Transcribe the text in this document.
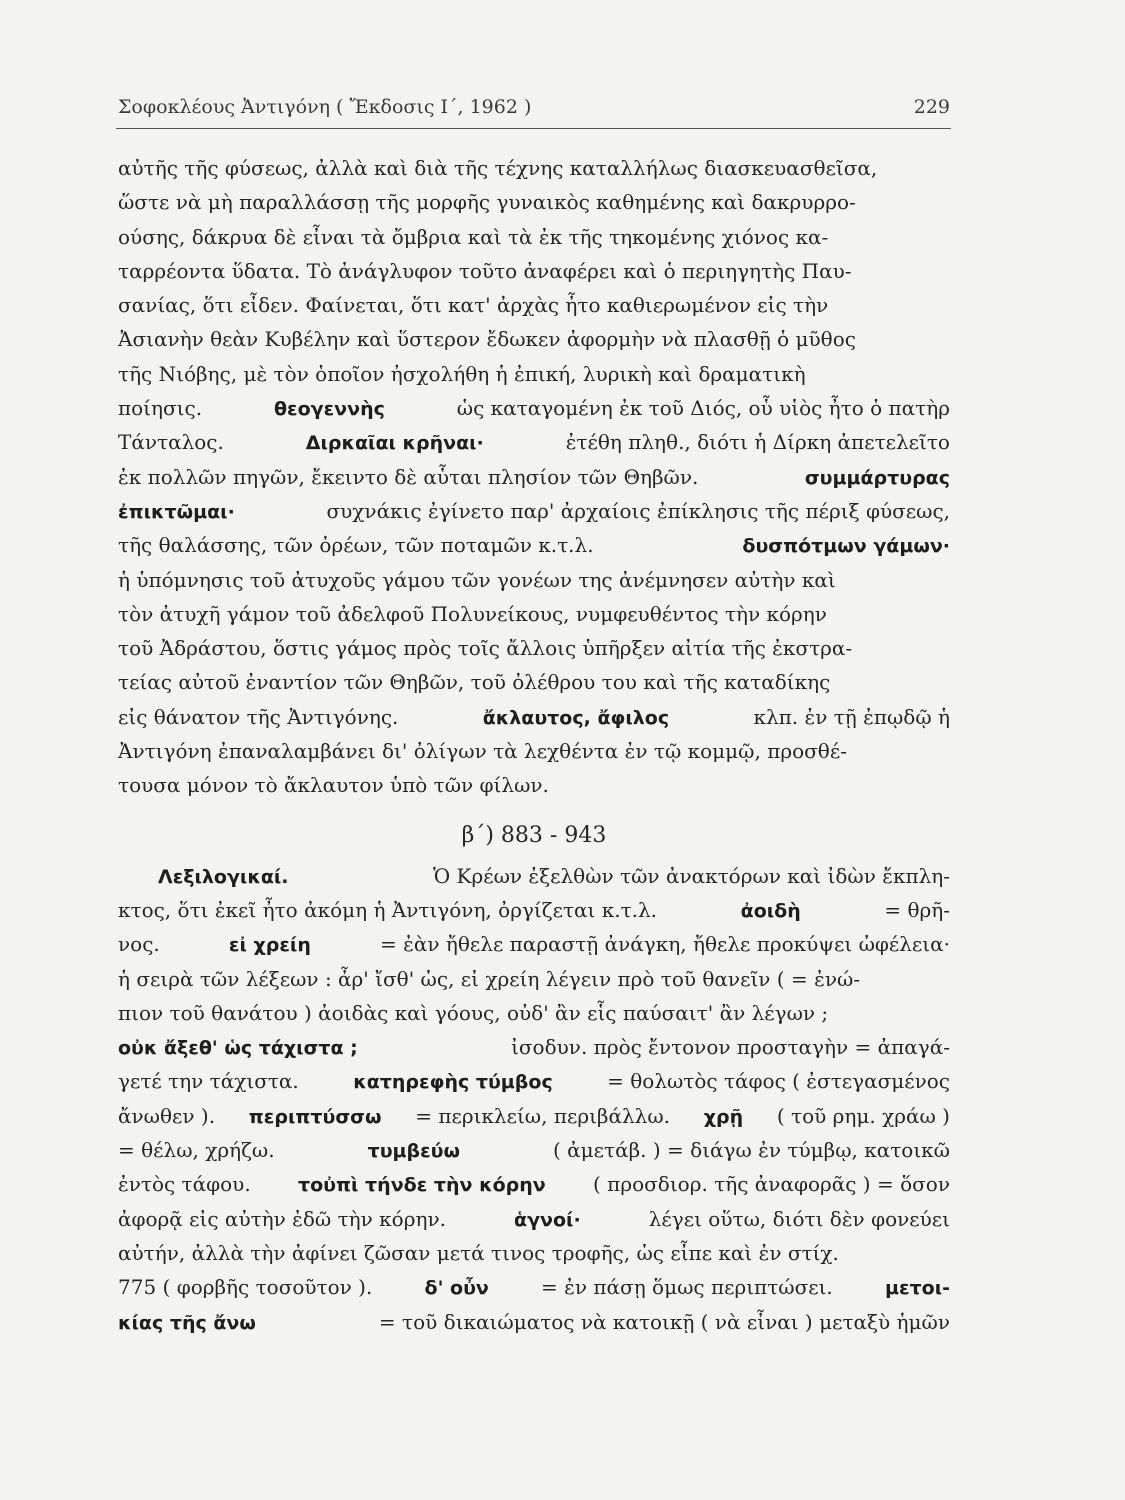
Σοφοκλέους Ἀντιγόνη ( Ἔκδοσις Ι΄, 1962 )	229
αὐτῆς τῆς φύσεως, ἀλλὰ καὶ διὰ τῆς τέχνης καταλλήλως διασκευασθεῖσα,
ὥστε νὰ μὴ παραλλάσσῃ τῆς μορφῆς γυναικὸς καθημένης καὶ δακρυρρο-
ούσης, δάκρυα δὲ εἶναι τὰ ὄμβρια καὶ τὰ ἐκ τῆς τηκομένης χιόνος κα-
ταρρέοντα ὕδατα. Τὸ ἀνάγλυφον τοῦτο ἀναφέρει καὶ ὁ περιηγητὴς Παυ-
σανίας, ὅτι εἶδεν. Φαίνεται, ὅτι κατ' ἀρχὰς ἦτο καθιερωμένον εἰς τὴν
Ἀσιανὴν θεὰν Κυβέλην καὶ ὕστερον ἔδωκεν ἀφορμὴν νὰ πλασθῇ ὁ μῦθος
τῆς Νιόβης, μὲ τὸν ὁποῖον ἠσχολήθη ἡ ἐπική, λυρικὴ καὶ δραματικὴ
ποίησις.	θεογεννὴς	ὡς καταγομένη ἐκ τοῦ Διός, οὗ υἱὸς ἦτο ὁ πατὴρ
Τάνταλος.	Διρκαῖαι κρῆναι·	ἐτέθη πληθ., διότι ἡ Δίρκη ἀπετελεῖτο
ἐκ πολλῶν πηγῶν, ἔκειντο δὲ αὗται πλησίον τῶν Θηβῶν.	συμμάρτυρας
ἐπικτῶμαι·	συχνάκις ἐγίνετο παρ' ἀρχαίοις ἐπίκλησις τῆς πέριξ φύσεως,
τῆς θαλάσσης, τῶν ὀρέων, τῶν ποταμῶν κ.τ.λ.	δυσπότμων γάμων·
ἡ ὑπόμνησις τοῦ ἀτυχοῦς γάμου τῶν γονέων της ἀνέμνησεν αὐτὴν καὶ
τὸν ἀτυχῆ γάμον τοῦ ἀδελφοῦ Πολυνείκους, νυμφευθέντος τὴν κόρην
τοῦ Ἀδράστου, ὅστις γάμος πρὸς τοῖς ἄλλοις ὑπῆρξεν αἰτία τῆς ἐκστρα-
τείας αὐτοῦ ἐναντίον τῶν Θηβῶν, τοῦ ὀλέθρου του καὶ τῆς καταδίκης
εἰς θάνατον τῆς Ἀντιγόνης.	ἄκλαυτος, ἄφιλος	κλπ. ἐν τῇ ἐπῳδῷ ἡ
Ἀντιγόνη ἐπαναλαμβάνει δι' ὀλίγων τὰ λεχθέντα ἐν τῷ κομμῷ, προσθέ-
τουσα μόνον τὸ ἄκλαυτον ὑπὸ τῶν φίλων.
β΄) 883 - 943
Λεξιλογικαί.	Ὁ Κρέων ἐξελθὼν τῶν ἀνακτόρων καὶ ἰδὼν ἔκπλη-
κτος, ὅτι ἐκεῖ ἦτο ἀκόμη ἡ Ἀντιγόνη, ὀργίζεται κ.τ.λ.	ἀοιδὴ	= θρῆ-
νος.	εἰ χρείη	= ἐὰν ἤθελε παραστῇ ἀνάγκη, ἤθελε προκύψει ὠφέλεια·
ἡ σειρὰ τῶν λέξεων : ἆρ' ἴσθ' ὡς, εἰ χρείη λέγειν πρὸ τοῦ θανεῖν ( = ἐνώ-
πιον τοῦ θανάτου ) ἀοιδὰς καὶ γόους, οὐδ' ἂν εἷς παύσαιτ' ἂν λέγων ;
οὐκ ἄξεθ' ὡς τάχιστα ;	ἰσοδυν. πρὸς ἔντονον προσταγὴν = ἀπαγά-
γετέ την τάχιστα.	κατηρεφὴς τύμβος	= θολωτὸς τάφος ( ἐστεγασμένος
ἄνωθεν ). περιπτύσσω = περικλείω, περιβάλλω. χρῇ ( τοῦ ρημ. χράω )
= θέλω, χρήζω.	τυμβεύω	( ἀμετάβ. ) = διάγω ἐν τύμβῳ, κατοικῶ
ἐντὸς τάφου. τοὐπὶ τήνδε τὴν κόρην ( προσδιορ. τῆς ἀναφορᾶς ) = ὅσον
ἀφορᾷ εἰς αὐτὴν ἐδῶ τὴν κόρην.	ἁγνοί·	λέγει οὕτω, διότι δὲν φονεύει
αὐτήν, ἀλλὰ τὴν ἀφίνει ζῶσαν μετά τινος τροφῆς, ὡς εἶπε καὶ ἐν στίχ.
775 ( φορβῆς τοσοῦτον ).	δ' οὖν	= ἐν πάσῃ ὅμως περιπτώσει.	μετοι-
κίας τῆς ἄνω	= τοῦ δικαιώματος νὰ κατοικῇ ( νὰ εἶναι ) μεταξὺ ἡμῶν
